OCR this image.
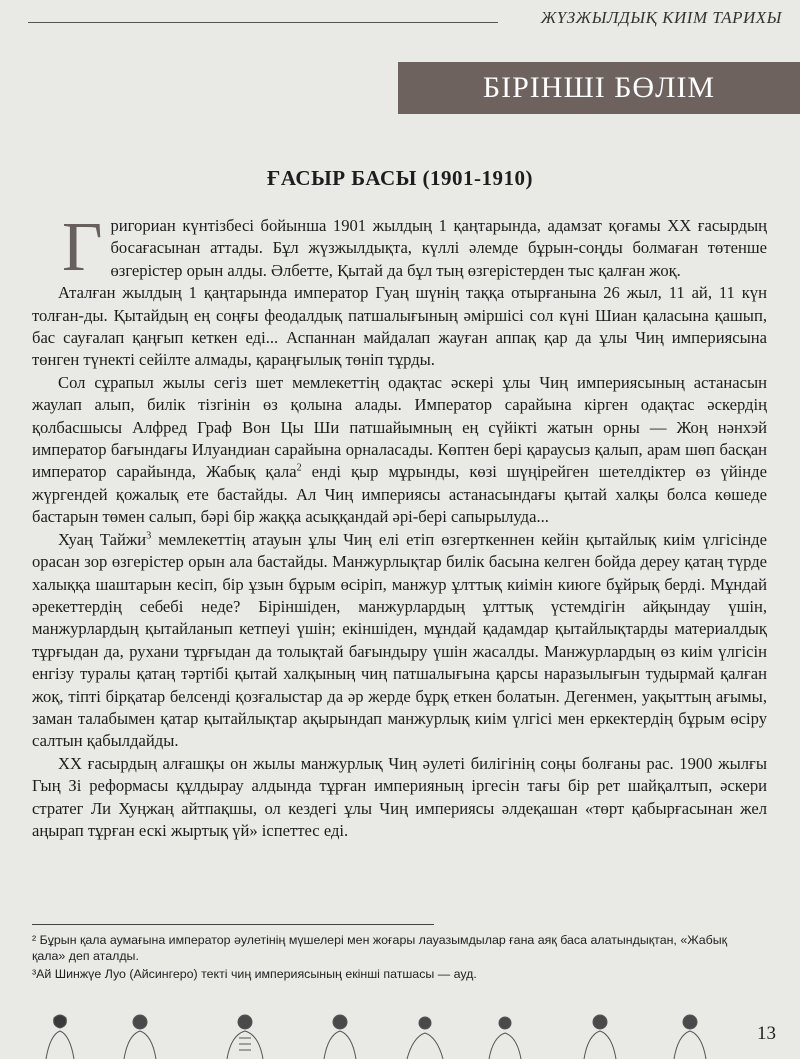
ЖҮЗЖЫЛДЫҚ КИІМ ТАРИХЫ
БІРІНШІ БӨЛІМ
ҒАСЫР БАСЫ (1901-1910)

Григориан күнтізбесі бойынша 1901 жылдың 1 қаңтарында, адамзат қоғамы XX ғасырдың босағасынан аттады. Бұл жүзжылдықта, күллі әлемде бұрын-соңды болмаған төтенше өзгерістер орын алды. Әлбетте, Қытай да бұл тың өзгерістерден тыс қалған жоқ.

Аталған жылдың 1 қаңтарында император Гуаң шүнің таққа отырғанына 26 жыл, 11 ай, 11 күн толған-ды. Қытайдың ең соңғы феодалдық патшалығының әміршісі сол күні Шиан қаласына қашып, бас сауғалап қаңғып кеткен еді... Аспаннан майдалап жауған аппақ қар да ұлы Чиң империясына төнген түнекті сейілте алмады, қараңғылық төніп тұрды.

Сол сұрапыл жылы сегіз шет мемлекеттің одақтас әскері ұлы Чиң империясының астанасын жаулап алып, билік тізгінін өз қолына алады. Император сарайына кірген одақтас әскердің қолбасшысы Алфред Граф Вон Цы Ши патшайымның ең сүйікті жатын орны — Жоң нәнхэй император бағындағы Илуандиан сарайына орналасады. Көптен бері қараусыз қалып, арам шөп басқан император сарайында, Жабық қала$^2$ енді қыр мұрынды, көзі шүңірейген шетелдіктер өз үйінде жүргендей қожалық ете бастайды. Ал Чиң империясы астанасындағы қытай халқы болса көшеде бастарын төмен салып, бәрі бір жаққа асыққандай әрі-бері сапырылуда...

Хуаң Тайжи$^3$ мемлекеттің атауын ұлы Чиң елі етіп өзгерткеннен кейін қытайлық киім үлгісінде орасан зор өзгерістер орын ала бастайды. Манжурлықтар билік басына келген бойда дереу қатаң түрде халыққа шаштарын кесіп, бір ұзын бұрым өсіріп, манжур ұлттық киімін киюге бұйрық берді. Мұндай әрекеттердің себебі неде? Біріншіден, манжурлардың ұлттық үстемдігін айқындау үшін, манжурлардың қытайланып кетпеуі үшін; екіншіден, мұндай қадамдар қытайлықтарды материалдық тұрғыдан да, рухани тұрғыдан да толықтай бағындыру үшін жасалды. Манжурлардың өз киім үлгісін енгізу туралы қатаң тәртібі қытай халқының чиң патшалығына қарсы наразылығын тудырмай қалған жоқ, тіпті бірқатар белсенді қозғалыстар да әр жерде бұрқ еткен болатын. Дегенмен, уақыттың ағымы, заман талабымен қатар қытайлықтар ақырындап манжурлық киім үлгісі мен еркектердің бұрым өсіру салтын қабылдайды.

XX ғасырдың алғашқы он жылы манжурлық Чиң әулеті билігінің соңы болғаны рас. 1900 жылғы Гың Зі реформасы құлдырау алдында тұрған империяның іргесін тағы бір рет шайқалтып, әскери стратег Ли Хуңжаң айтпақшы, ол кездегі ұлы Чиң империясы әлдеқашан «төрт қабырғасынан жел аңырап тұрған ескі жыртық үй» іспеттес еді.

² Бұрын қала аумағына император әулетінің мүшелері мен жоғары лауазымдылар ғана аяқ баса алатындықтан, «Жабық қала» деп аталды.

³Ай Шинжүе Луо (Айсингеро) текті чиң империясының екінші патшасы — ауд.

13
